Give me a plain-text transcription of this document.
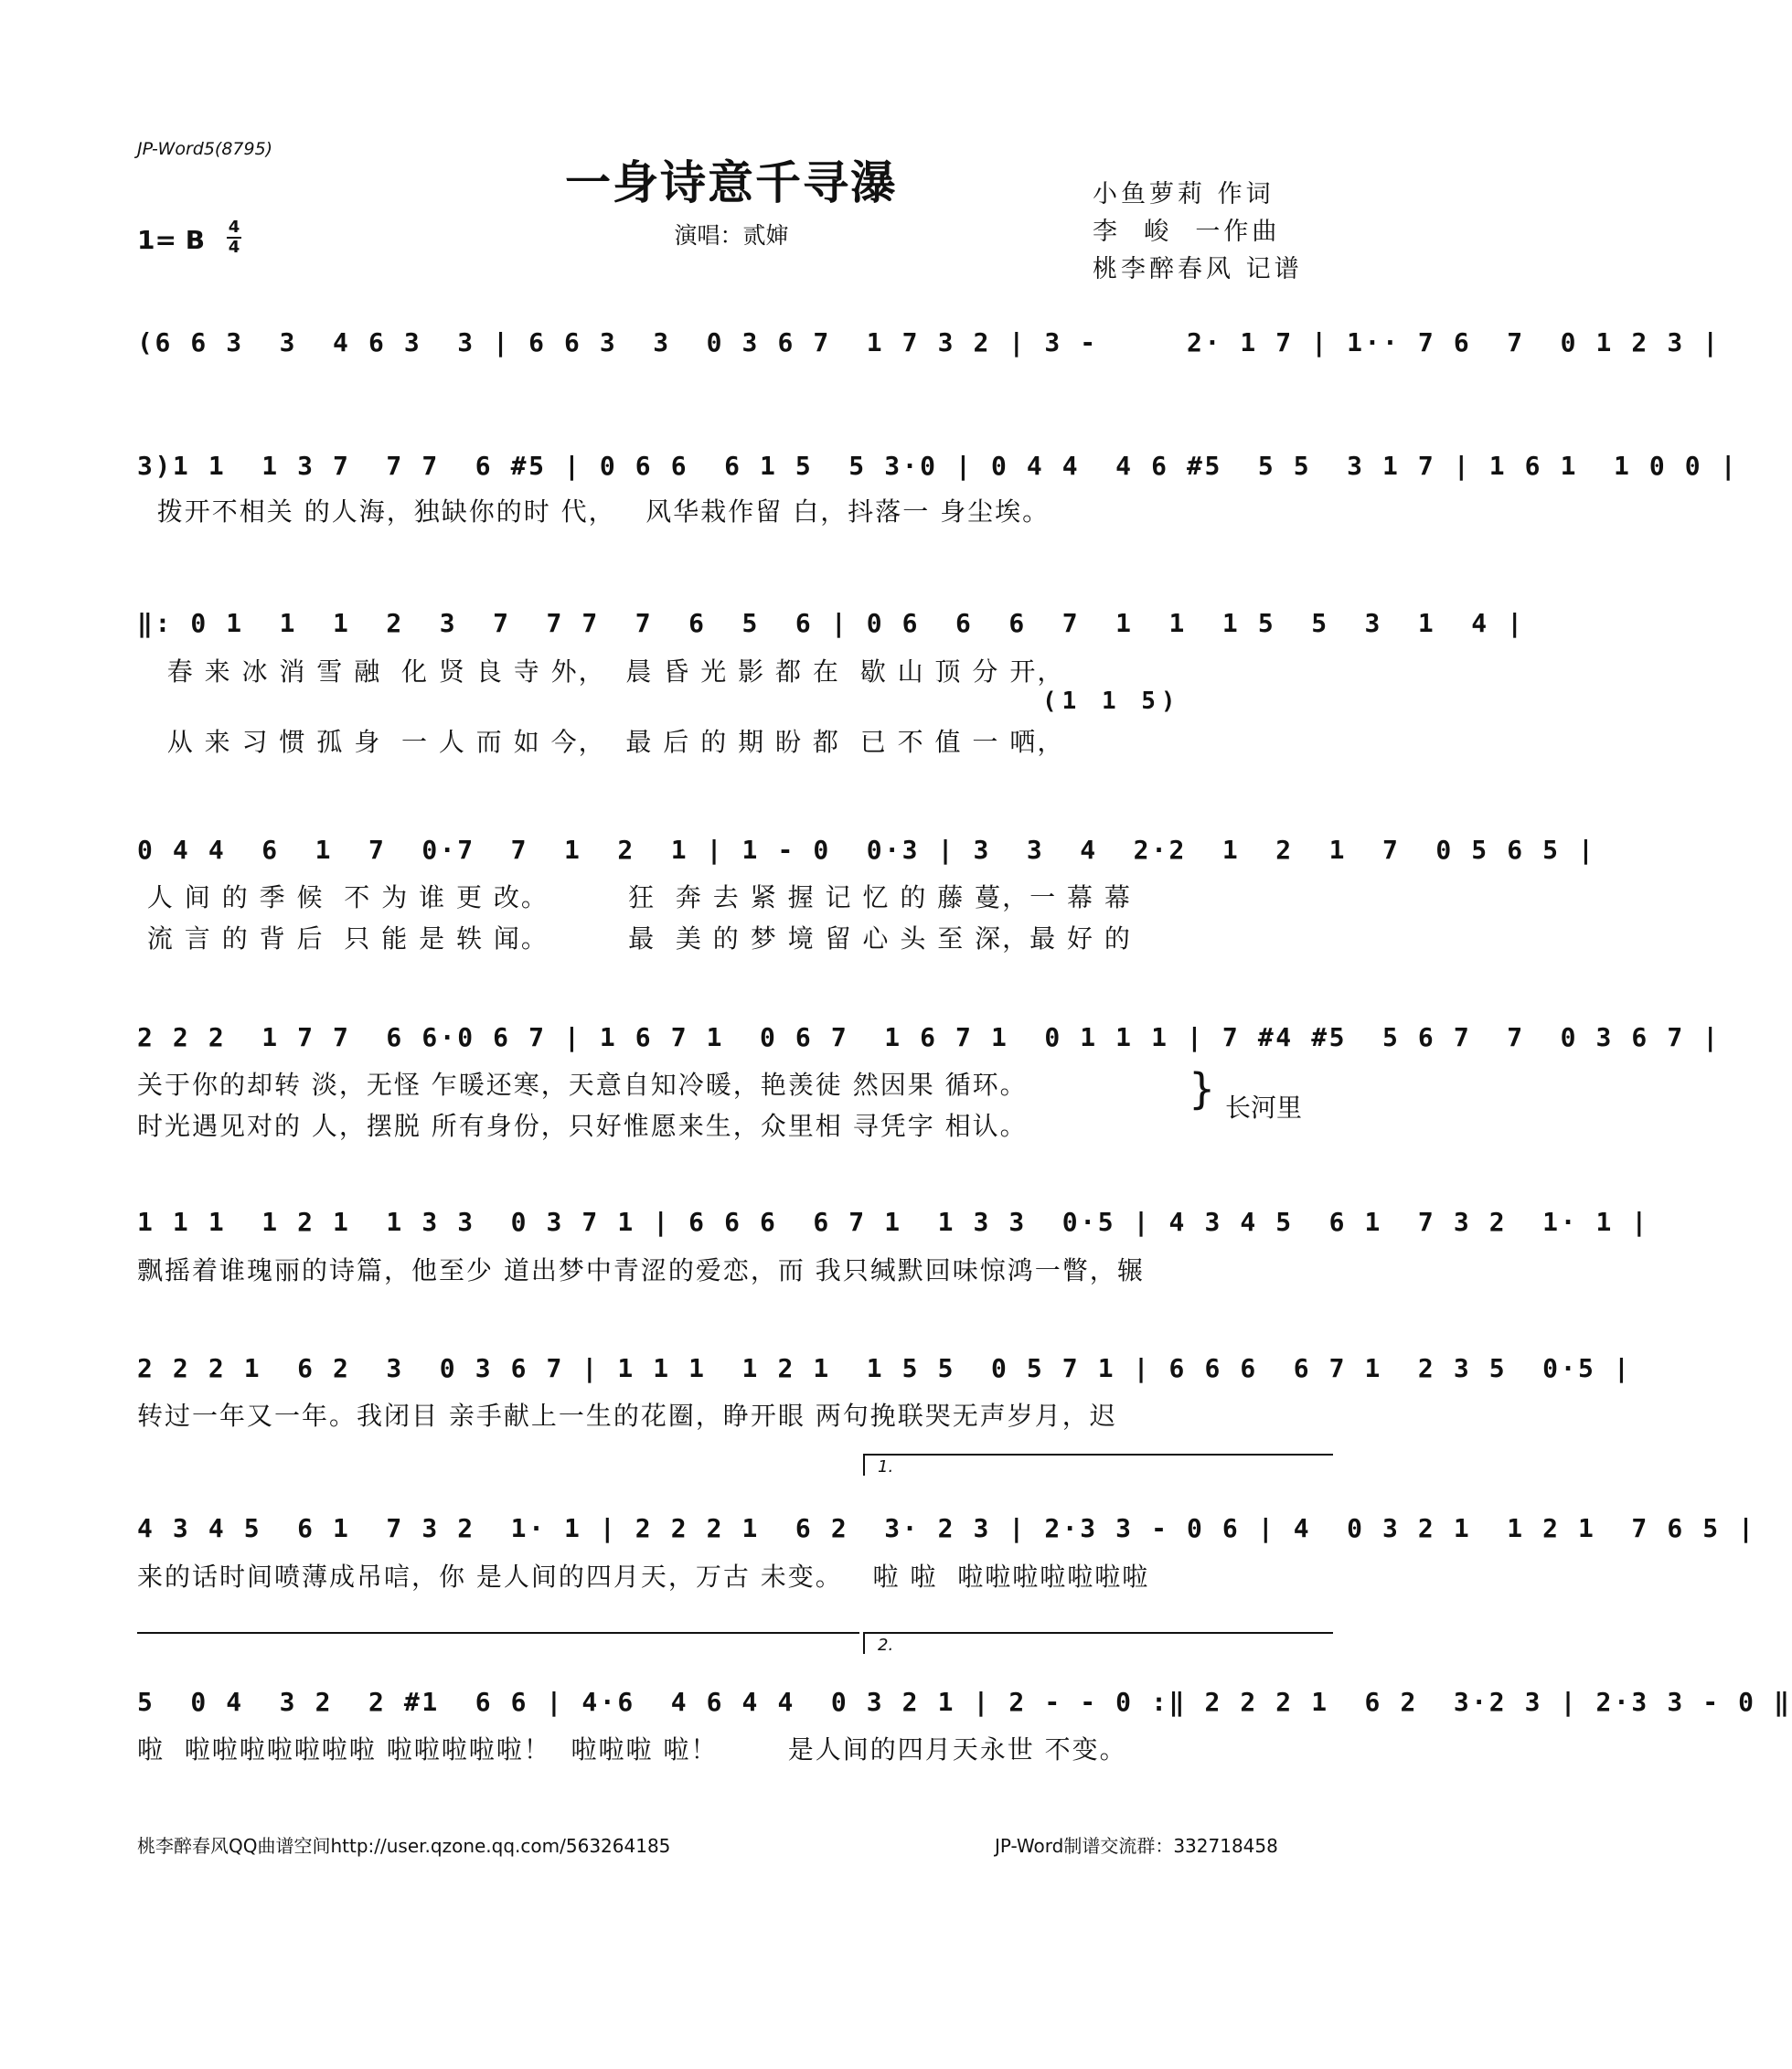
JP-Word5(8795)
一身诗意千寻瀑
1= B 4
4	演唱：贰婶
小鱼萝莉 作词
李  峻  一作曲
桃李醉春风 记谱
(6 6 3  3  4 6 3  3 | 6 6 3  3  0 3 6 7  1 7 3 2 | 3 -     2· 1 7 | 1·· 7 6  7  0 1 2 3 |
3)1 1  1 3 7  7 7  6 #5 | 0 6 6  6 1 5  5 3·0 | 0 4 4  4 6 #5  5 5  3 1 7 | 1 6 1  1 0 0 |
拨开不相关 的人海，独缺你的时 代，   风华栽作留 白，抖落一 身尘埃。
‖: 0 1  1  1  2  3  7  7 7  7  6  5  6 | 0 6  6  6  7  1  1  1 5  5  3  1  4 |
春 来 冰 消 雪 融  化 贤 良 寺 外，  晨 昏 光 影 都 在  歇 山 顶 分 开，
(1 1 5)
从 来 习 惯 孤 身  一 人 而 如 今，  最 后 的 期 盼 都  已 不 值 一 哂，
0 4 4  6  1  7  0·7  7  1  2  1 | 1 - 0  0·3 | 3  3  4  2·2  1  2  1  7  0 5 6 5 |
人 间 的 季 候  不 为 谁 更 改。        狂  奔 去 紧 握 记 忆 的 藤 蔓，一 幕 幕
流 言 的 背 后  只 能 是 轶 闻。        最  美 的 梦 境 留 心 头 至 深，最 好 的
2 2 2  1 7 7  6 6·0 6 7 | 1 6 7 1  0 6 7  1 6 7 1  0 1 1 1 | 7 #4 #5  5 6 7  7  0 3 6 7 |
关于你的却转 淡，无怪 乍暖还寒，天意自知冷暖，艳羡徒 然因果 循环。
时光遇见对的 人，摆脱 所有身份，只好惟愿来生，众里相 寻凭字 相认。
} 长河里
1 1 1  1 2 1  1 3 3  0 3 7 1 | 6 6 6  6 7 1  1 3 3  0·5 | 4 3 4 5  6 1  7 3 2  1· 1 |
飘摇着谁瑰丽的诗篇，他至少 道出梦中青涩的爱恋，而 我只缄默回味惊鸿一瞥，辗
2 2 2 1  6 2  3  0 3 6 7 | 1 1 1  1 2 1  1 5 5  0 5 7 1 | 6 6 6  6 7 1  2 3 5  0·5 |
转过一年又一年。我闭目 亲手献上一生的花圈，睁开眼 两句挽联哭无声岁月，迟
1.
4 3 4 5  6 1  7 3 2  1· 1 | 2 2 2 1  6 2  3· 2 3 | 2·3 3 - 0 6 | 4  0 3 2 1  1 2 1  7 6 5 |
来的话时间喷薄成吊唁，你 是人间的四月天，万古 未变。   啦 啦  啦啦啦啦啦啦啦
2.
5  0 4  3 2  2 #1  6 6 | 4·6  4 6 4 4  0 3 2 1 | 2 - - 0 :‖ 2 2 2 1  6 2  3·2 3 | 2·3 3 - 0 ‖
啦  啦啦啦啦啦啦啦 啦啦啦啦啦！  啦啦啦 啦！       是人间的四月天永世 不变。
桃李醉春风QQ曲谱空间http://user.qzone.qq.com/563264185	JP-Word制谱交流群：332718458
